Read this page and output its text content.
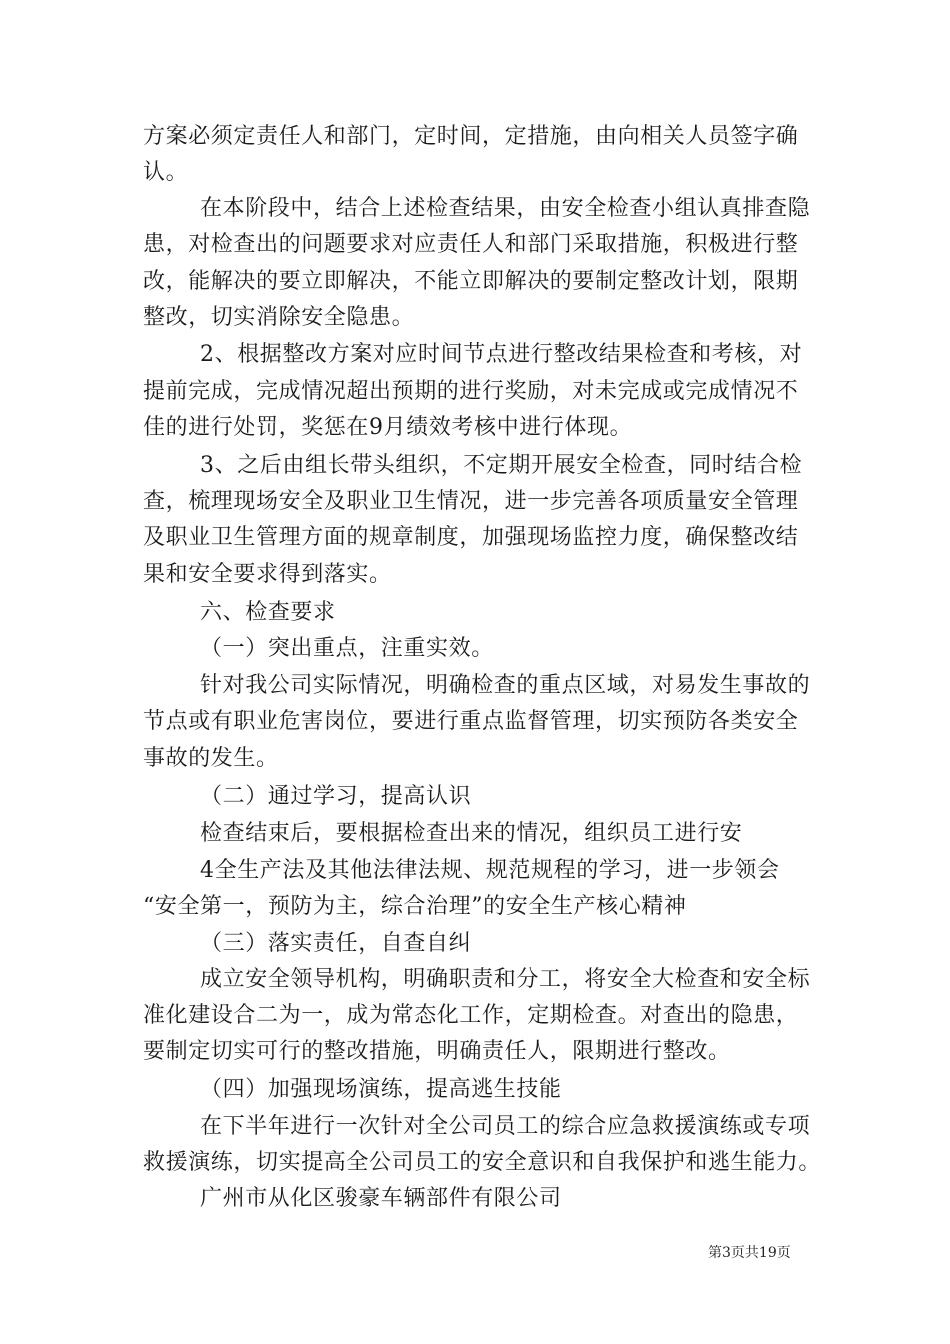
方案必须定责任人和部门，定时间，定措施，由向相关人员签字确
认。
在本阶段中，结合上述检查结果，由安全检查小组认真排查隐
患，对检查出的问题要求对应责任人和部门采取措施，积极进行整
改，能解决的要立即解决，不能立即解决的要制定整改计划，限期
整改，切实消除安全隐患。
2、根据整改方案对应时间节点进行整改结果检查和考核，对
提前完成，完成情况超出预期的进行奖励，对未完成或完成情况不
佳的进行处罚，奖惩在9月绩效考核中进行体现。
3、之后由组长带头组织，不定期开展安全检查，同时结合检
查，梳理现场安全及职业卫生情况，进一步完善各项质量安全管理
及职业卫生管理方面的规章制度，加强现场监控力度，确保整改结
果和安全要求得到落实。
六、检查要求
（一）突出重点，注重实效。
针对我公司实际情况，明确检查的重点区域，对易发生事故的
节点或有职业危害岗位，要进行重点监督管理，切实预防各类安全
事故的发生。
（二）通过学习，提高认识
检查结束后，要根据检查出来的情况，组织员工进行安
4全生产法及其他法律法规、规范规程的学习，进一步领会
“安全第一，预防为主，综合治理”的安全生产核心精神
（三）落实责任，自查自纠
成立安全领导机构，明确职责和分工，将安全大检查和安全标
准化建设合二为一，成为常态化工作，定期检查。对查出的隐患，
要制定切实可行的整改措施，明确责任人，限期进行整改。
（四）加强现场演练，提高逃生技能
在下半年进行一次针对全公司员工的综合应急救援演练或专项
救援演练，切实提高全公司员工的安全意识和自我保护和逃生能力。
广州市从化区骏豪车辆部件有限公司
第3页共19页
